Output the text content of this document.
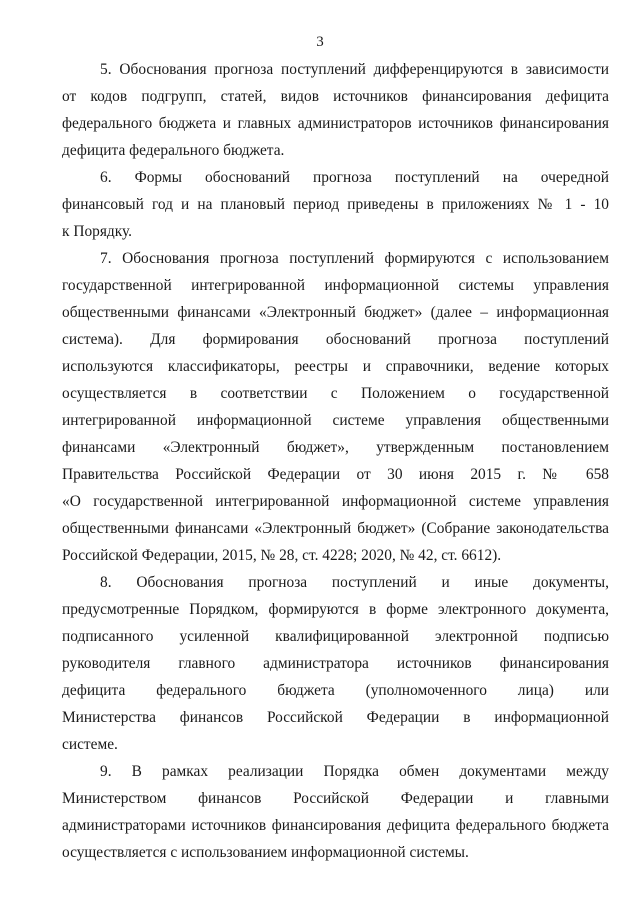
3

5. Обоснования прогноза поступлений дифференцируются в зависимости
от кодов подгрупп, статей, видов источников финансирования дефицита
федерального бюджета и главных администраторов источников финансирования
дефицита федерального бюджета.

6. Формы обоснований прогноза поступлений на очередной
финансовый год и на плановый период приведены в приложениях № 1 - 10
к Порядку.

7. Обоснования прогноза поступлений формируются с использованием
государственной интегрированной информационной системы управления
общественными финансами «Электронный бюджет» (далее – информационная
система). Для формирования обоснований прогноза поступлений
используются классификаторы, реестры и справочники, ведение которых
осуществляется в соответствии с Положением о государственной
интегрированной информационной системе управления общественными
финансами «Электронный бюджет», утвержденным постановлением
Правительства Российской Федерации от 30 июня 2015 г. № 658
«О государственной интегрированной информационной системе управления
общественными финансами «Электронный бюджет» (Собрание законодательства
Российской Федерации, 2015, № 28, ст. 4228; 2020, № 42, ст. 6612).

8. Обоснования прогноза поступлений и иные документы,
предусмотренные Порядком, формируются в форме электронного документа,
подписанного усиленной квалифицированной электронной подписью
руководителя главного администратора источников финансирования
дефицита федерального бюджета (уполномоченного лица) или
Министерства финансов Российской Федерации в информационной
системе.

9. В рамках реализации Порядка обмен документами между
Министерством финансов Российской Федерации и главными
администраторами источников финансирования дефицита федерального бюджета
осуществляется с использованием информационной системы.
